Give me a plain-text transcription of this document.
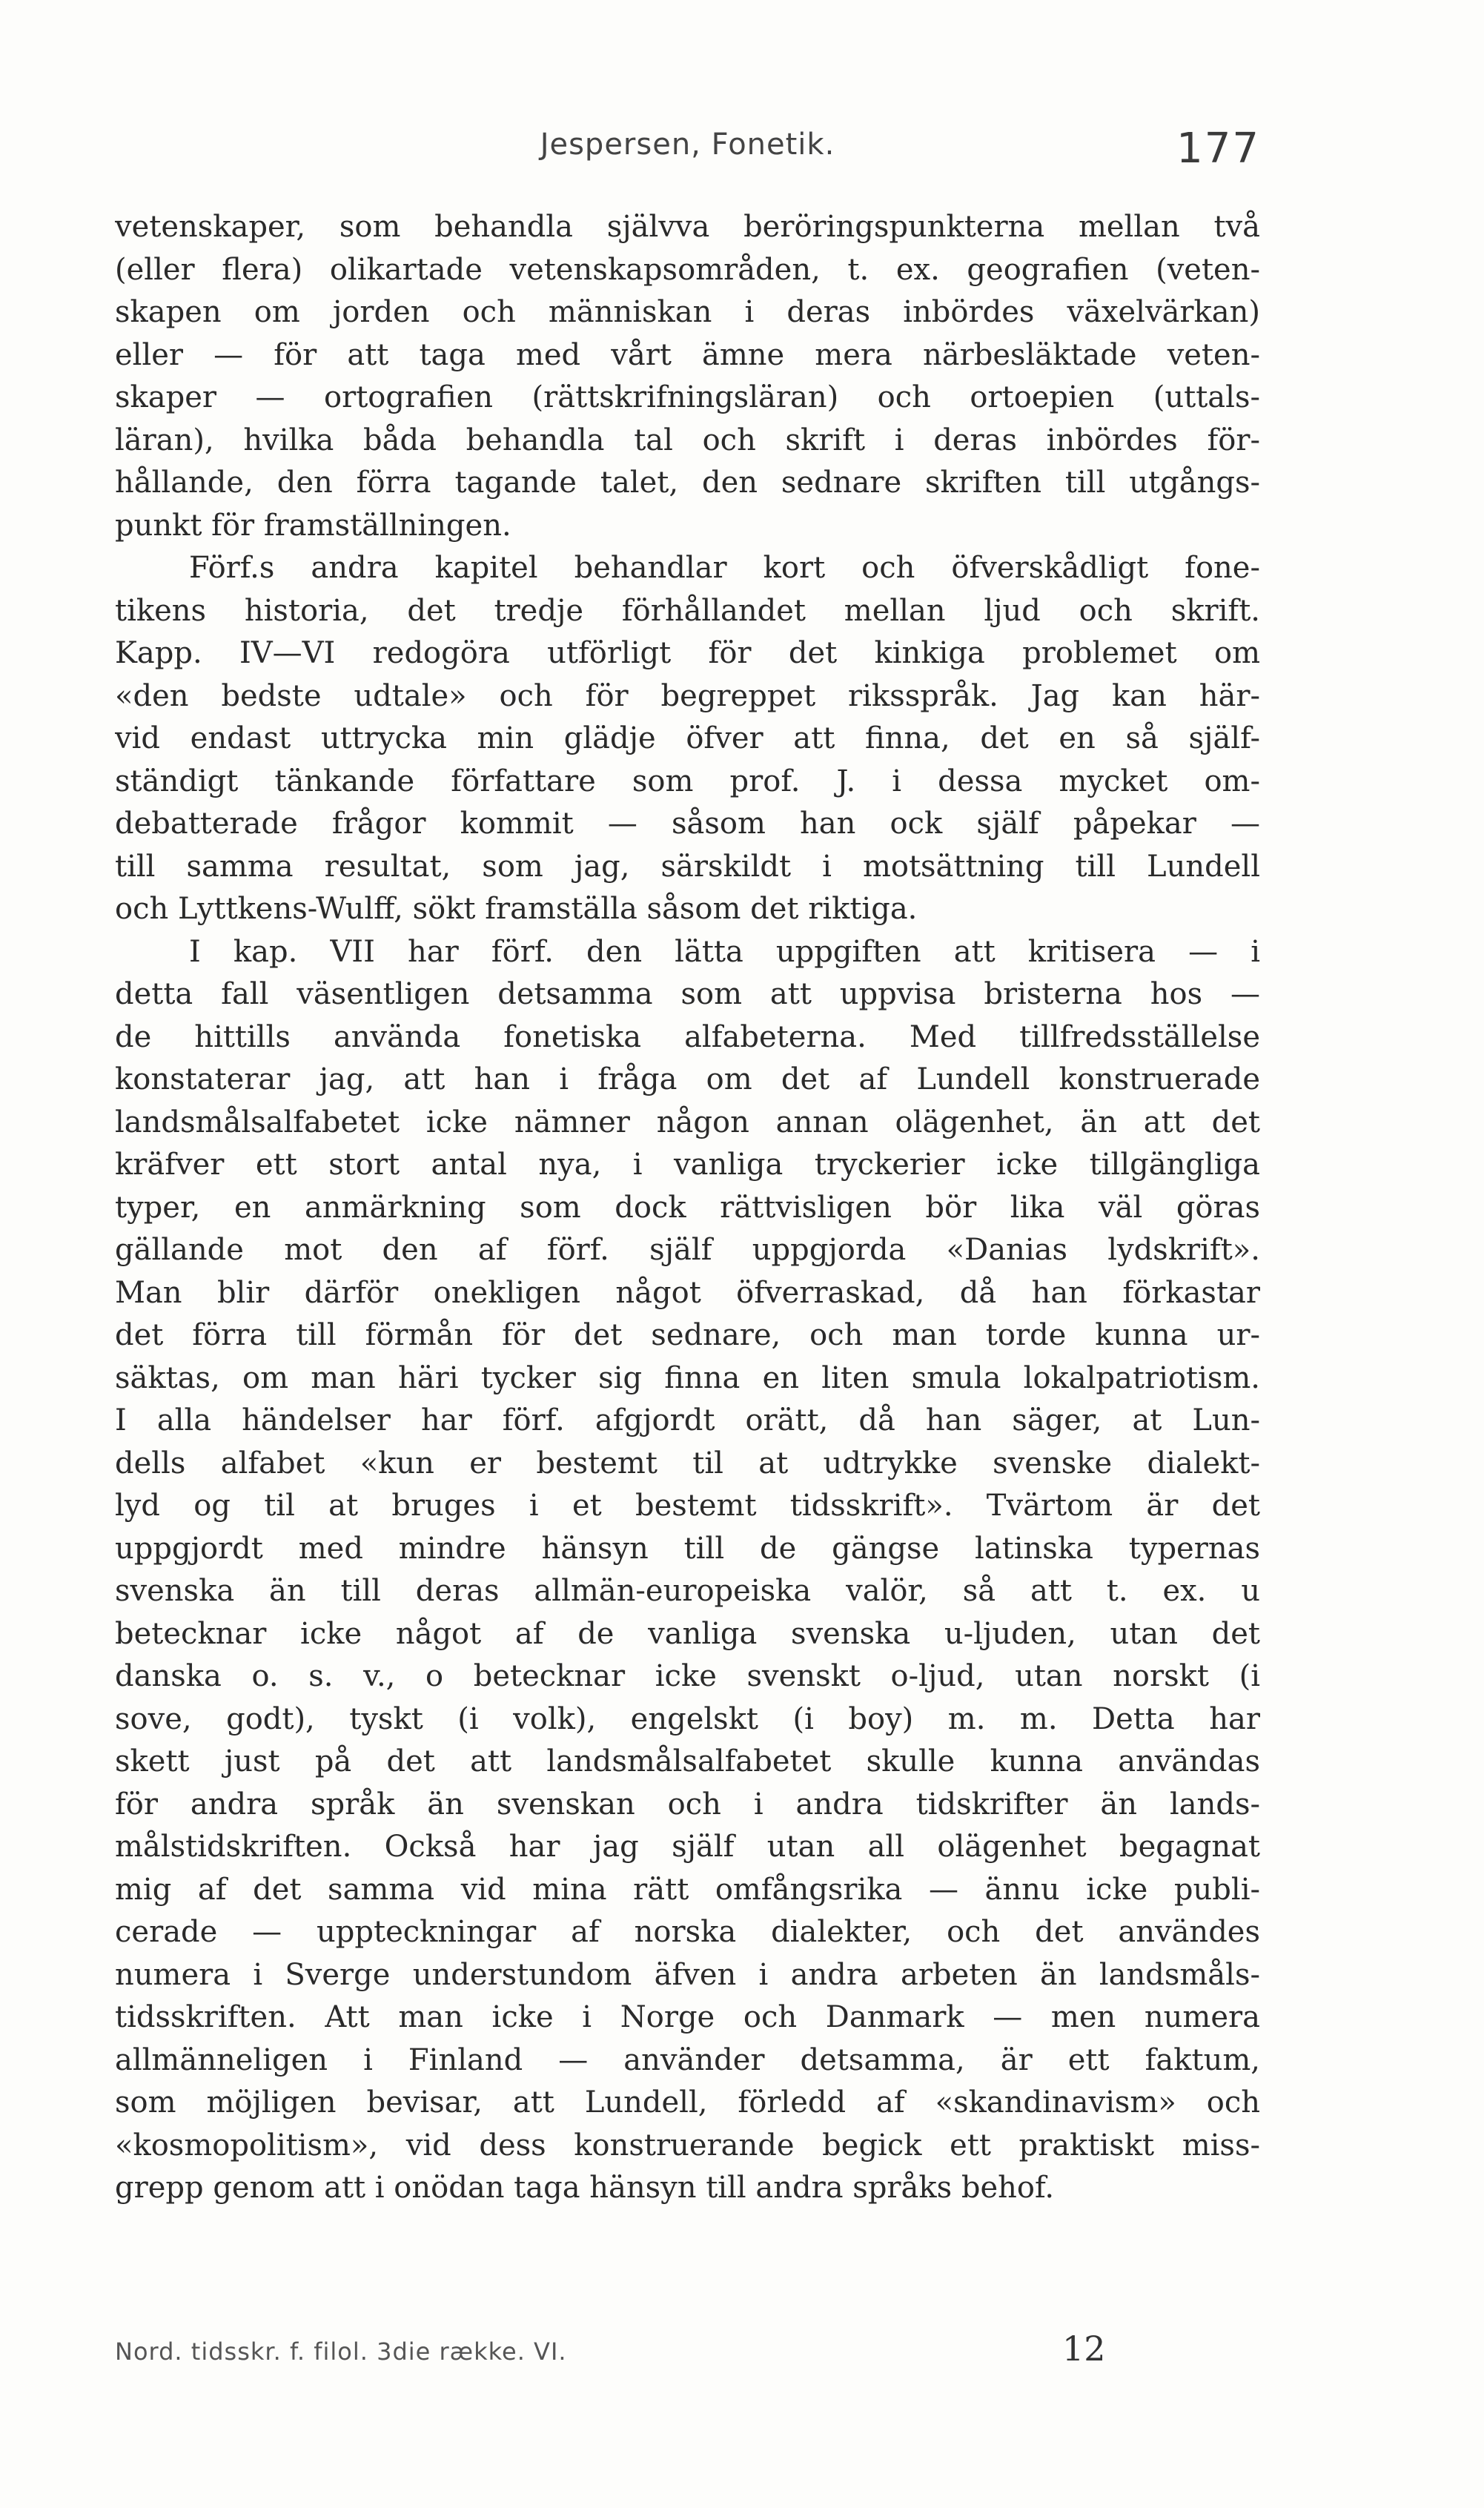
Jespersen, Fonetik.	177
vetenskaper, som behandla självva beröringspunkterna mellan två
(eller flera) olikartade vetenskapsområden, t. ex. geografien (veten-
skapen om jorden och människan i deras inbördes växelvärkan)
eller — för att taga med vårt ämne mera närbesläktade veten-
skaper — ortografien (rättskrifningsläran) och ortoepien (uttals-
läran), hvilka båda behandla tal och skrift i deras inbördes för-
hållande, den förra tagande talet, den sednare skriften till utgångs-
punkt för framställningen.
Förf.s andra kapitel behandlar kort och öfverskådligt fone-
tikens historia, det tredje förhållandet mellan ljud och skrift.
Kapp. IV—VI redogöra utförligt för det kinkiga problemet om
«den bedste udtale» och för begreppet riksspråk. Jag kan här-
vid endast uttrycka min glädje öfver att finna, det en så själf-
ständigt tänkande författare som prof. J. i dessa mycket om-
debatterade frågor kommit — såsom han ock själf påpekar —
till samma resultat, som jag, särskildt i motsättning till Lundell
och Lyttkens-Wulff, sökt framställa såsom det riktiga.
I kap. VII har förf. den lätta uppgiften att kritisera — i
detta fall väsentligen detsamma som att uppvisa bristerna hos —
de hittills använda fonetiska alfabeterna. Med tillfredsställelse
konstaterar jag, att han i fråga om det af Lundell konstruerade
landsmålsalfabetet icke nämner någon annan olägenhet, än att det
kräfver ett stort antal nya, i vanliga tryckerier icke tillgängliga
typer, en anmärkning som dock rättvisligen bör lika väl göras
gällande mot den af förf. själf uppgjorda «Danias lydskrift».
Man blir därför onekligen något öfverraskad, då han förkastar
det förra till förmån för det sednare, och man torde kunna ur-
säktas, om man häri tycker sig finna en liten smula lokalpatriotism.
I alla händelser har förf. afgjordt orätt, då han säger, at Lun-
dells alfabet «kun er bestemt til at udtrykke svenske dialekt-
lyd og til at bruges i et bestemt tidsskrift». Tvärtom är det
uppgjordt med mindre hänsyn till de gängse latinska typernas
svenska än till deras allmän-europeiska valör, så att t. ex. u
betecknar icke något af de vanliga svenska u-ljuden, utan det
danska o. s. v., o betecknar icke svenskt o-ljud, utan norskt (i
sove, godt), tyskt (i volk), engelskt (i boy) m. m. Detta har
skett just på det att landsmålsalfabetet skulle kunna användas
för andra språk än svenskan och i andra tidskrifter än lands-
målstidskriften. Också har jag själf utan all olägenhet begagnat
mig af det samma vid mina rätt omfångsrika — ännu icke publi-
cerade — uppteckningar af norska dialekter, och det användes
numera i Sverge understundom äfven i andra arbeten än landsmåls-
tidsskriften. Att man icke i Norge och Danmark — men numera
allmänneligen i Finland — använder detsamma, är ett faktum,
som möjligen bevisar, att Lundell, förledd af «skandinavism» och
«kosmopolitism», vid dess konstruerande begick ett praktiskt miss-
grepp genom att i onödan taga hänsyn till andra språks behof.
Nord. tidsskr. f. filol. 3die række. VI.	12
